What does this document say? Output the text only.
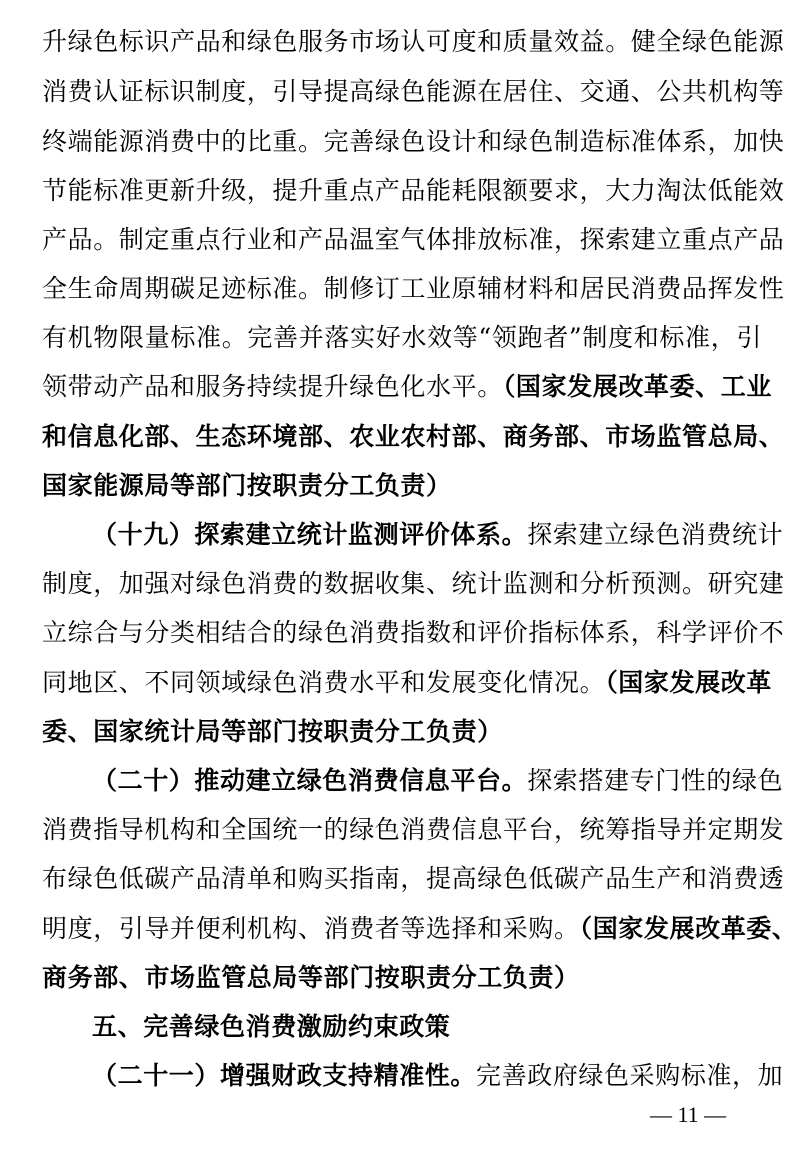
升绿色标识产品和绿色服务市场认可度和质量效益。健全绿色能源
消费认证标识制度，引导提高绿色能源在居住、交通、公共机构等
终端能源消费中的比重。完善绿色设计和绿色制造标准体系，加快
节能标准更新升级，提升重点产品能耗限额要求，大力淘汰低能效
产品。制定重点行业和产品温室气体排放标准，探索建立重点产品
全生命周期碳足迹标准。制修订工业原辅材料和居民消费品挥发性
有机物限量标准。完善并落实好水效等“领跑者”制度和标准，引
领带动产品和服务持续提升绿色化水平。（国家发展改革委、工业
和信息化部、生态环境部、农业农村部、商务部、市场监管总局、
国家能源局等部门按职责分工负责）
（十九）探索建立统计监测评价体系。探索建立绿色消费统计
制度，加强对绿色消费的数据收集、统计监测和分析预测。研究建
立综合与分类相结合的绿色消费指数和评价指标体系，科学评价不
同地区、不同领域绿色消费水平和发展变化情况。（国家发展改革
委、国家统计局等部门按职责分工负责）
（二十）推动建立绿色消费信息平台。探索搭建专门性的绿色
消费指导机构和全国统一的绿色消费信息平台，统筹指导并定期发
布绿色低碳产品清单和购买指南，提高绿色低碳产品生产和消费透
明度，引导并便利机构、消费者等选择和采购。（国家发展改革委、
商务部、市场监管总局等部门按职责分工负责）
五、完善绿色消费激励约束政策
（二十一）增强财政支持精准性。完善政府绿色采购标准，加
— 11 —
